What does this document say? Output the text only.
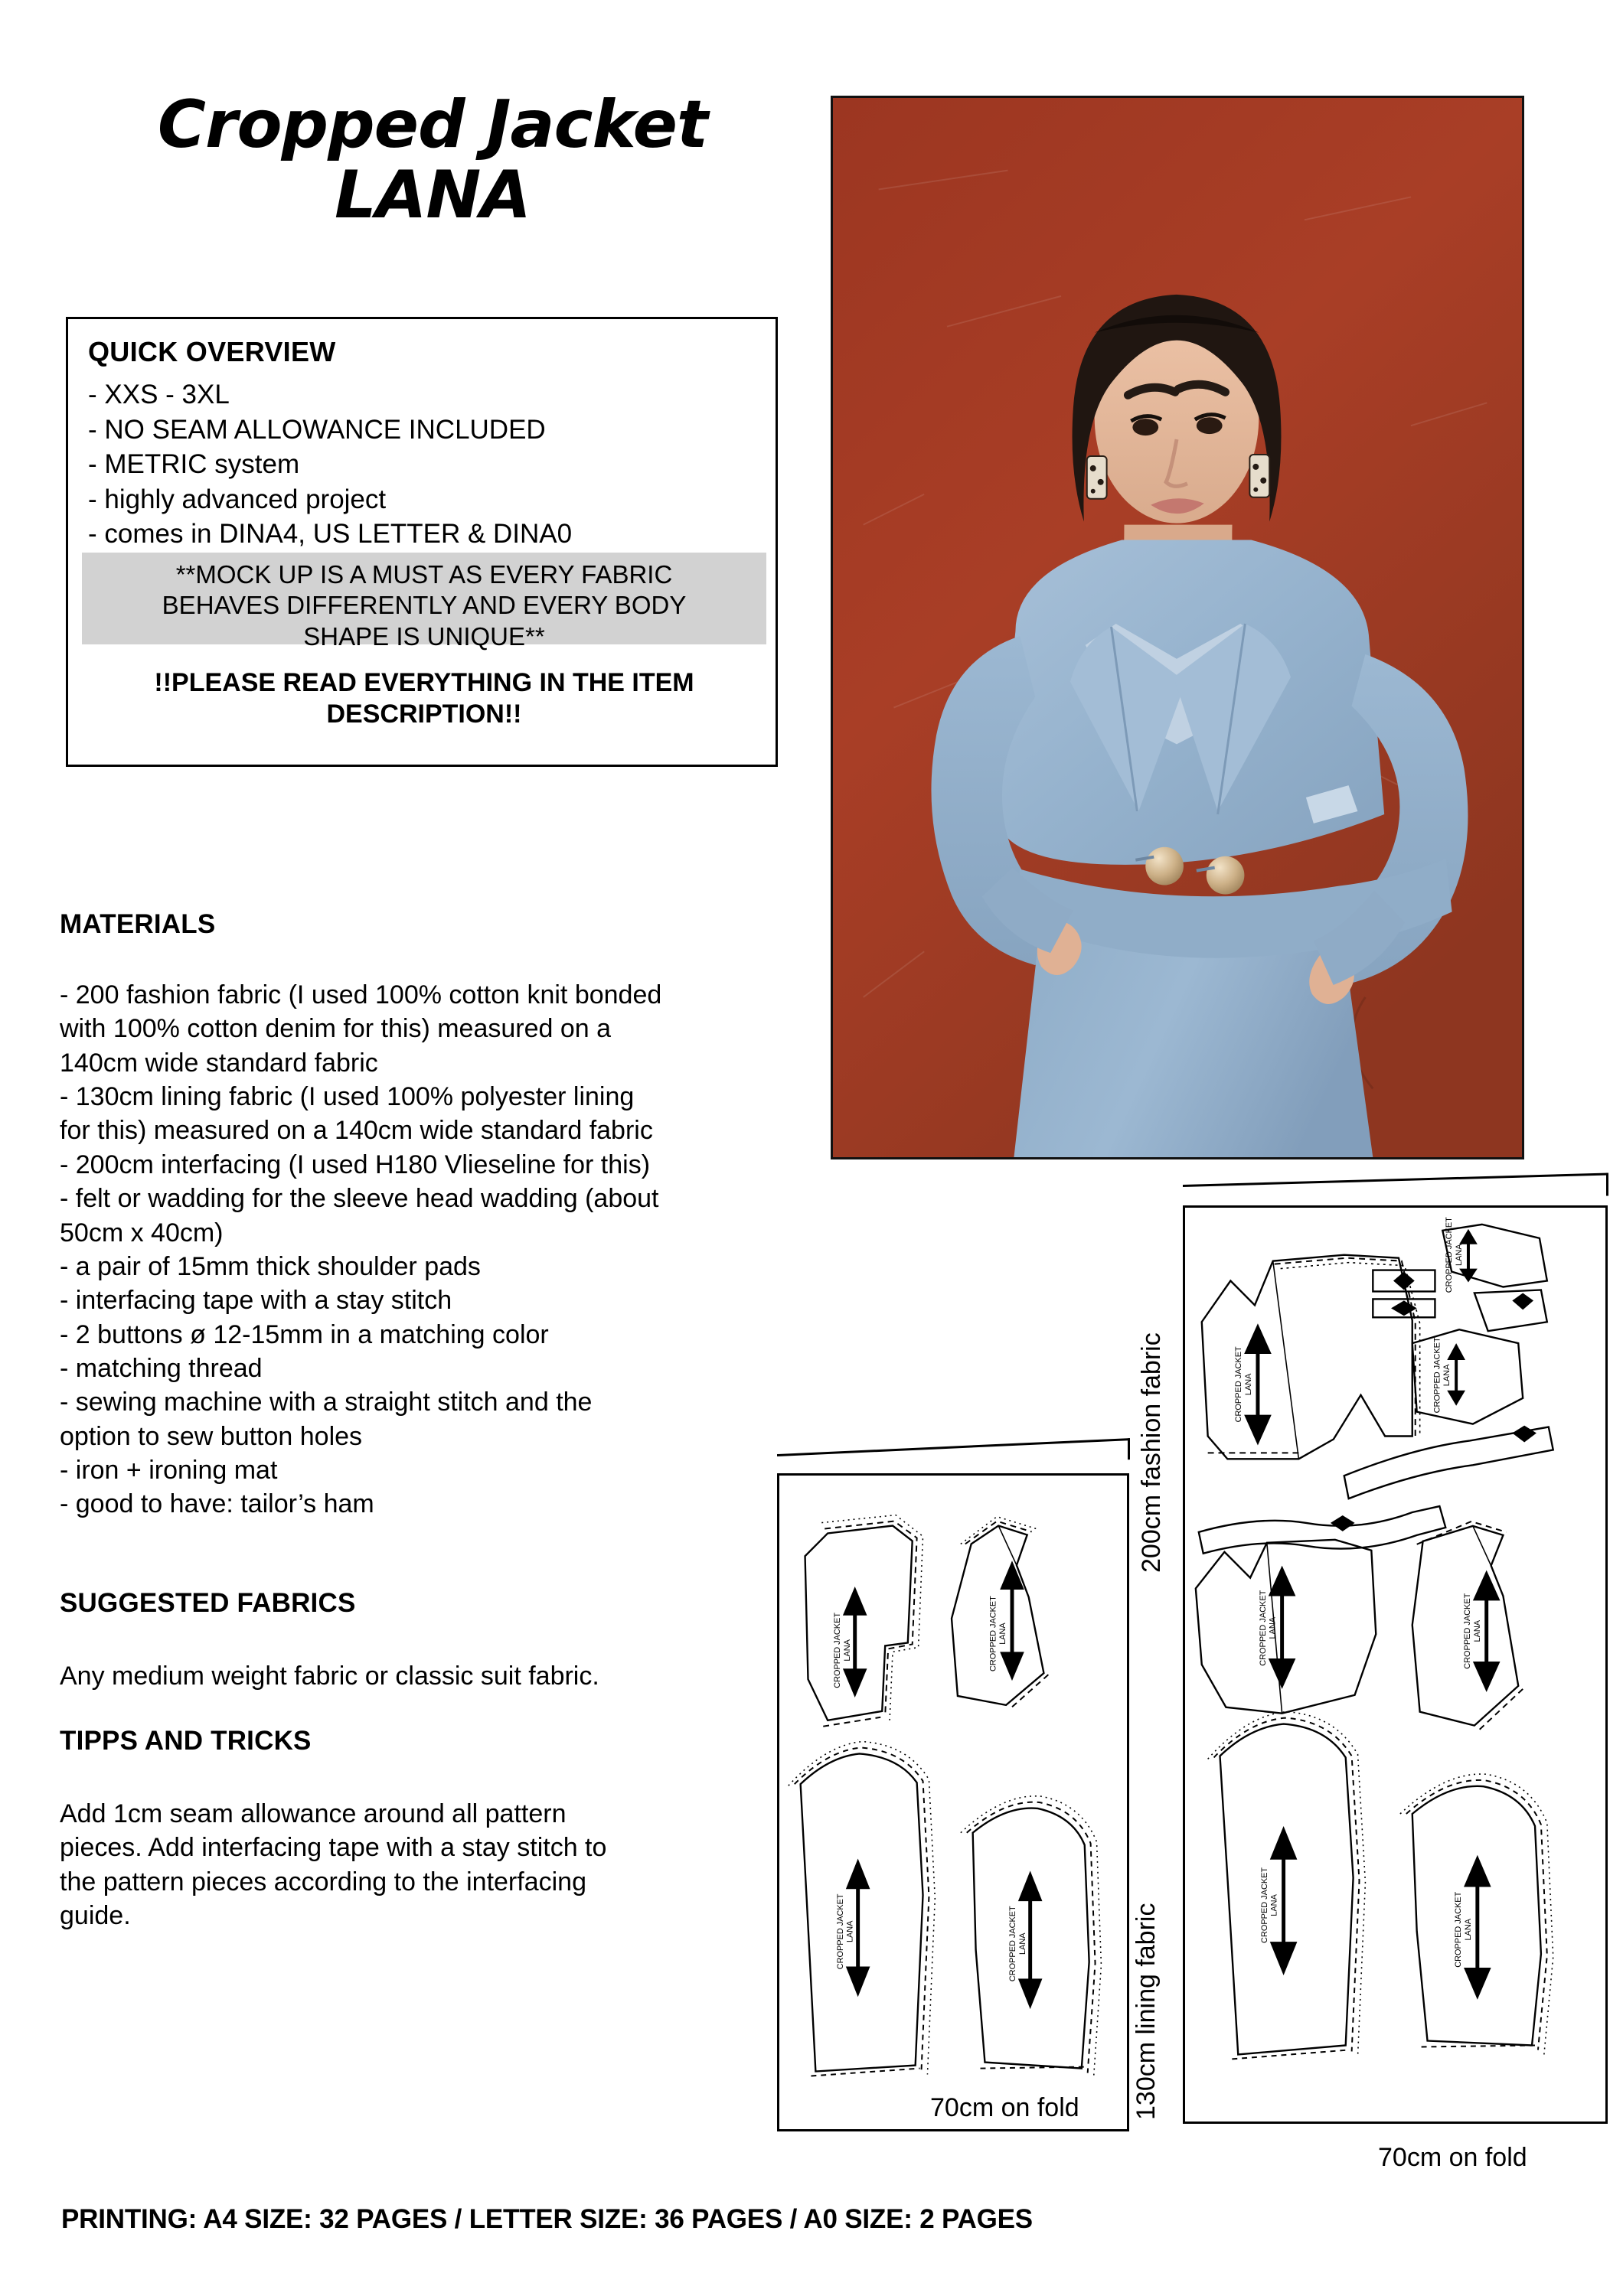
Cropped Jacket
LANA
QUICK OVERVIEW
- XXS - 3XL
- NO SEAM ALLOWANCE INCLUDED
- METRIC system
- highly advanced project
- comes in DINA4, US LETTER & DINA0
**MOCK UP IS A MUST AS EVERY FABRIC
BEHAVES DIFFERENTLY AND EVERY BODY
SHAPE IS UNIQUE**
!!PLEASE READ EVERYTHING IN THE ITEM
DESCRIPTION!!
MATERIALS
- 200 fashion fabric (I used 100% cotton knit bonded
with 100% cotton denim for this) measured on a
140cm wide standard fabric
- 130cm lining fabric (I used 100% polyester lining
for this) measured on a 140cm wide standard fabric
- 200cm interfacing (I used H180 Vlieseline for this)
- felt or wadding for the sleeve head wadding (about
50cm x 40cm)
- a pair of 15mm thick shoulder pads
- interfacing tape with a stay stitch
- 2 buttons ø 12-15mm in a matching color
- matching thread
- sewing machine with a straight stitch and the
option to sew button holes
- iron + ironing mat
- good to have: tailor’s ham
SUGGESTED FABRICS
Any medium weight fabric or classic suit fabric.
TIPPS AND TRICKS
Add 1cm seam allowance around all pattern
pieces. Add interfacing tape with a stay stitch to
the pattern pieces according to the interfacing
guide.
PRINTING: A4 SIZE: 32 PAGES / LETTER SIZE: 36 PAGES / A0 SIZE: 2 PAGES
CROPPED JACKET LANA
CROPPED JACKET LANA	CROPPED JACKET LANA
CROPPED JACKET LANA	CROPPED JACKET LANA
CROPPED JACKET LANA
CROPPED JACKET LANA
200cm fashion fabric
70cm on fold
CROPPED JACKET LANA	CROPPED JACKET LANA
CROPPED JACKET LANA	CROPPED JACKET LANA	130cm lining fabric
70cm on fold
